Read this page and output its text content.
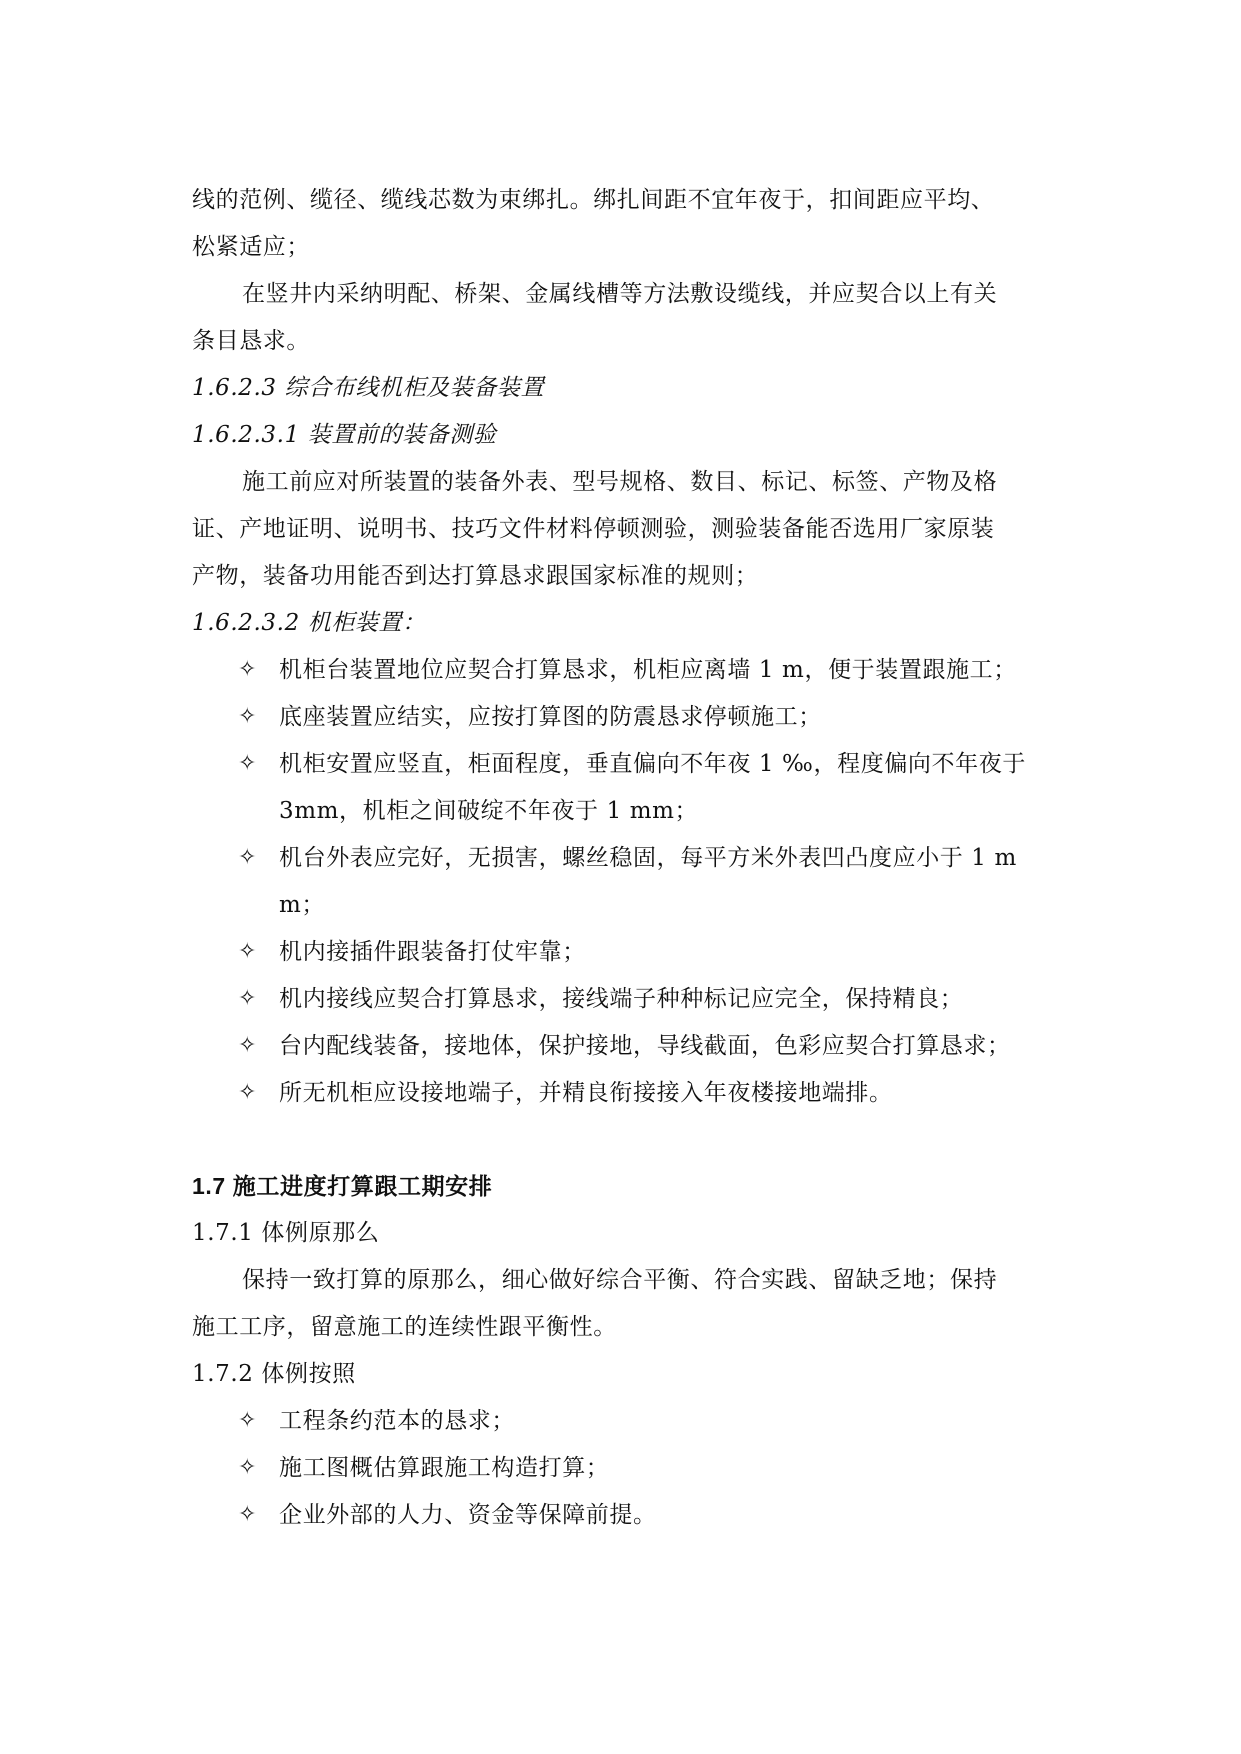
线的范例、缆径、缆线芯数为束绑扎。绑扎间距不宜年夜于，扣间距应平均、
松紧适应；
在竖井内采纳明配、桥架、金属线槽等方法敷设缆线，并应契合以上有关
条目恳求。
1.6.2.3 综合布线机柜及装备装置
1.6.2.3.1 装置前的装备测验
施工前应对所装置的装备外表、型号规格、数目、标记、标签、产物及格
证、产地证明、说明书、技巧文件材料停顿测验，测验装备能否选用厂家原装
产物，装备功用能否到达打算恳求跟国家标准的规则；
1.6.2.3.2 机柜装置：
✧ 机柜台装置地位应契合打算恳求，机柜应离墙 1 m，便于装置跟施工；
✧ 底座装置应结实，应按打算图的防震恳求停顿施工；
✧ 机柜安置应竖直，柜面程度，垂直偏向不年夜 1 ‰，程度偏向不年夜于
3mm，机柜之间破绽不年夜于 1 mm；
✧ 机台外表应完好，无损害，螺丝稳固，每平方米外表凹凸度应小于 1 m
m；
✧ 机内接插件跟装备打仗牢靠；
✧ 机内接线应契合打算恳求，接线端子种种标记应完全，保持精良；
✧ 台内配线装备，接地体，保护接地，导线截面，色彩应契合打算恳求；
✧ 所无机柜应设接地端子，并精良衔接接入年夜楼接地端排。
1.7 施工进度打算跟工期安排
1.7.1 体例原那么
保持一致打算的原那么，细心做好综合平衡、符合实践、留缺乏地；保持
施工工序，留意施工的连续性跟平衡性。
1.7.2 体例按照
✧ 工程条约范本的恳求；
✧ 施工图概估算跟施工构造打算；
✧ 企业外部的人力、资金等保障前提。
